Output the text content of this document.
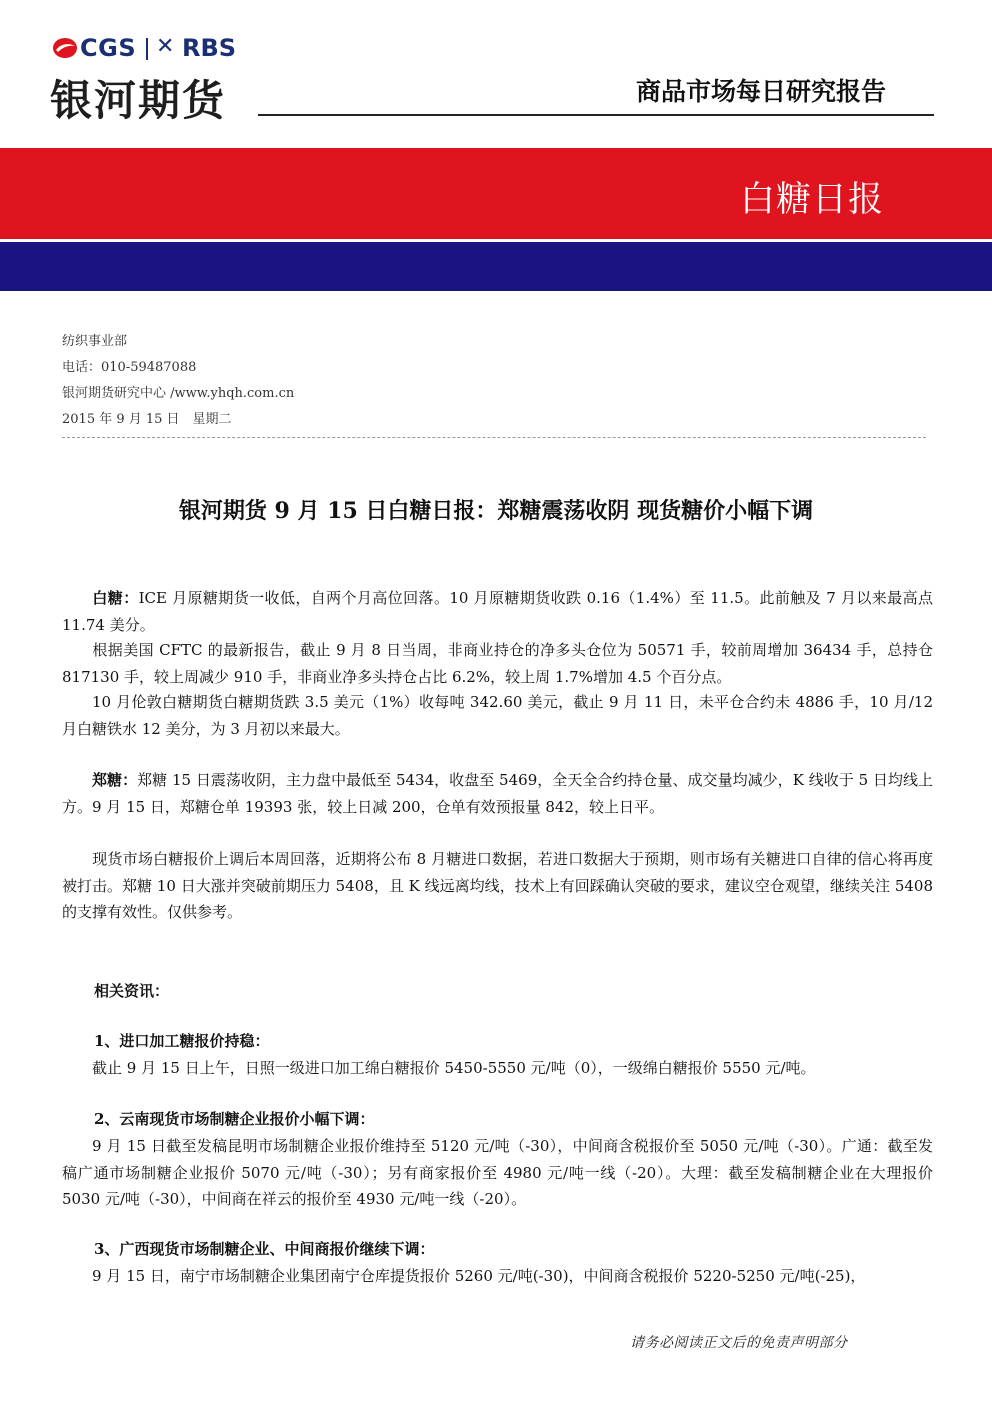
CGS ✕ RBS
银河期货	商品市场每日研究报告
白糖日报
纺织事业部
电话：010-59487088
银河期货研究中心 /www.yhqh.com.cn
2015 年 9 月 15 日　星期二
银河期货 9 月 15 日白糖日报：郑糖震荡收阴 现货糖价小幅下调
白糖：ICE 月原糖期货一收低，自两个月高位回落。10 月原糖期货收跌 0.16（1.4%）至 11.5。此前触及 7 月以来最高点 11.74 美分。
根据美国 CFTC 的最新报告，截止 9 月 8 日当周，非商业持仓的净多头仓位为 50571 手，较前周增加 36434 手，总持仓 817130 手，较上周减少 910 手，非商业净多头持仓占比 6.2%，较上周 1.7%增加 4.5 个百分点。
10 月伦敦白糖期货白糖期货跌 3.5 美元（1%）收每吨 342.60 美元，截止 9 月 11 日，未平仓合约未 4886 手，10 月/12 月白糖铁水 12 美分，为 3 月初以来最大。
郑糖：郑糖 15 日震荡收阴，主力盘中最低至 5434，收盘至 5469，全天全合约持仓量、成交量均减少，K 线收于 5 日均线上方。9 月 15 日，郑糖仓单 19393 张，较上日减 200，仓单有效预报量 842，较上日平。
现货市场白糖报价上调后本周回落，近期将公布 8 月糖进口数据，若进口数据大于预期，则市场有关糖进口自律的信心将再度被打击。郑糖 10 日大涨并突破前期压力 5408，且 K 线远离均线，技术上有回踩确认突破的要求，建议空仓观望，继续关注 5408 的支撑有效性。仅供参考。
相关资讯：
1、进口加工糖报价持稳：
截止 9 月 15 日上午，日照一级进口加工绵白糖报价 5450-5550 元/吨（0），一级绵白糖报价 5550 元/吨。
2、云南现货市场制糖企业报价小幅下调：
9 月 15 日截至发稿昆明市场制糖企业报价维持至 5120 元/吨（-30），中间商含税报价至 5050 元/吨（-30）。广通：截至发稿广通市场制糖企业报价 5070 元/吨（-30）；另有商家报价至 4980 元/吨一线（-20）。大理：截至发稿制糖企业在大理报价 5030 元/吨（-30），中间商在祥云的报价至 4930 元/吨一线（-20）。
3、广西现货市场制糖企业、中间商报价继续下调：
9 月 15 日，南宁市场制糖企业集团南宁仓库提货报价 5260 元/吨(-30)，中间商含税报价 5220-5250 元/吨(-25)，
请务必阅读正文后的免责声明部分
